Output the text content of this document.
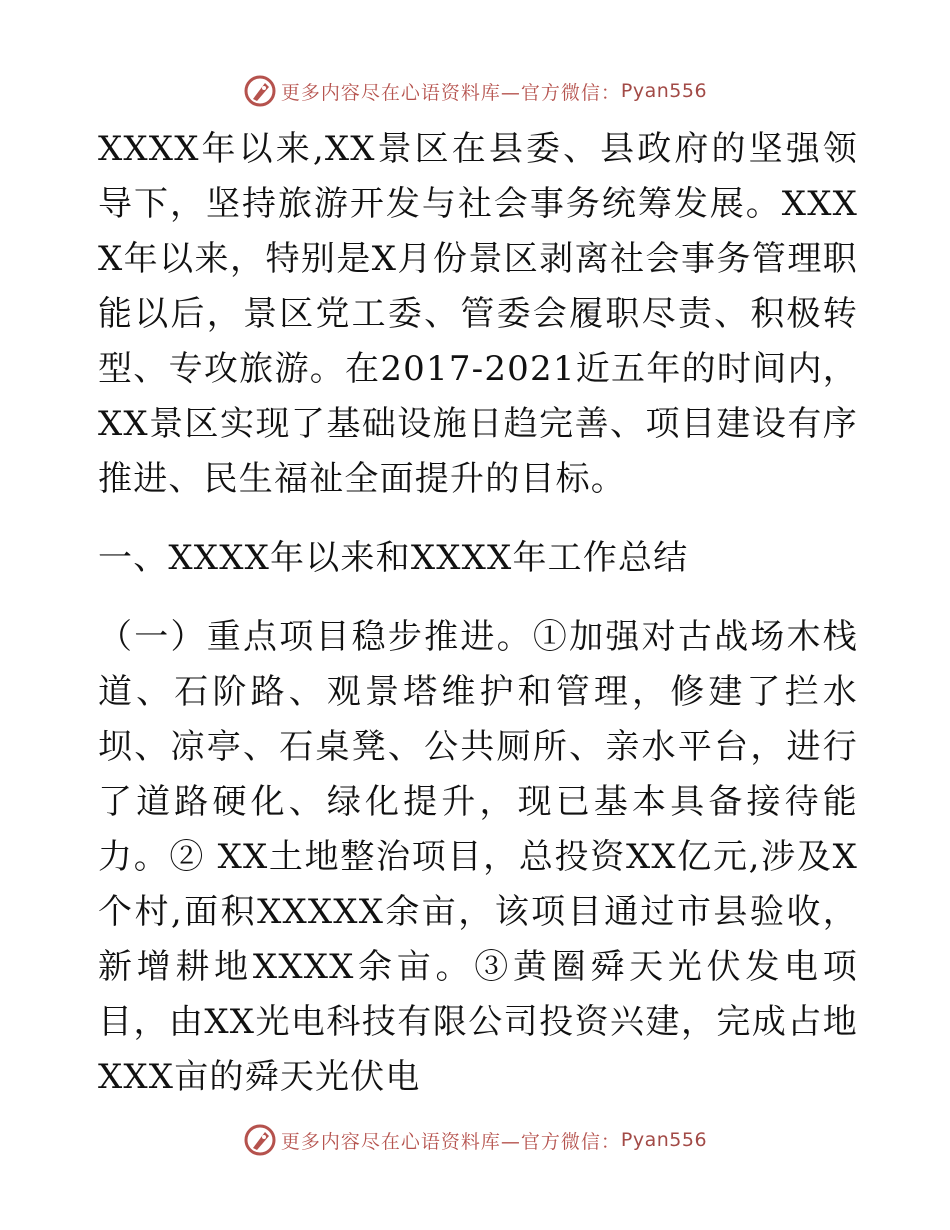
更多内容尽在心语资料库—官方微信： Pyan556

XXXX年以来,XX景区在县委、县政府的坚强领导下，坚持旅游开发与社会事务统筹发展。XXXX年以来，特别是X月份景区剥离社会事务管理职能以后，景区党工委、管委会履职尽责、积极转型、专攻旅游。在2017-2021近五年的时间内，XX景区实现了基础设施日趋完善、项目建设有序推进、民生福祉全面提升的目标。

一、XXXX年以来和XXXX年工作总结

（一）重点项目稳步推进。①加强对古战场木栈道、石阶路、观景塔维护和管理，修建了拦水坝、凉亭、石桌凳、公共厕所、亲水平台，进行了道路硬化、绿化提升，现已基本具备接待能力。② XX土地整治项目，总投资XX亿元,涉及X个村,面积XXXXX余亩，该项目通过市县验收，新增耕地XXXX余亩。③黄圈舜天光伏发电项目，由XX光电科技有限公司投资兴建，完成占地XXX亩的舜天光伏电

更多内容尽在心语资料库—官方微信： Pyan556
